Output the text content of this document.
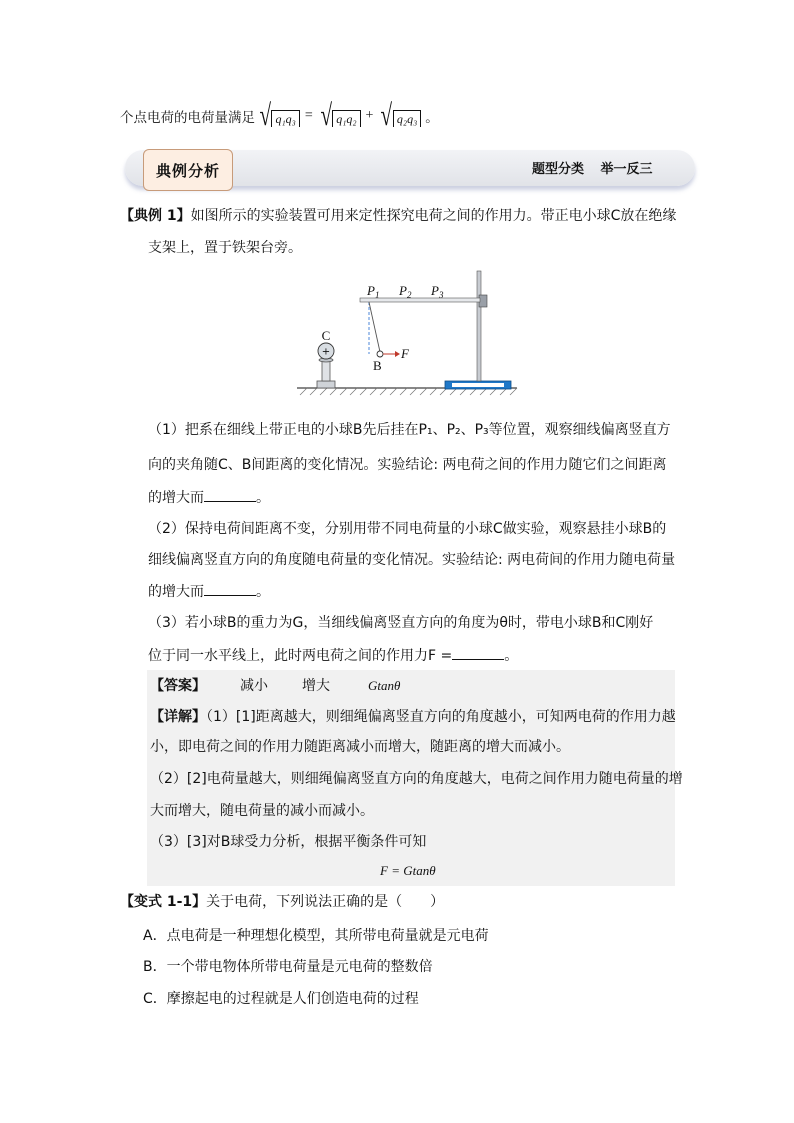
个点电荷的电荷量满足 √ q₁q₃ = √ q₁q₂ + √ q₂q₃ 。
典例分析	题型分类 举一反三
【典例 1】如图所示的实验装置可用来定性探究电荷之间的作用力。带正电小球C放在绝缘
支架上，置于铁架台旁。
+
C
$P_1$ $P_2$ $P_3$
F
B
（1）把系在细线上带正电的小球B先后挂在P₁、P₂、P₃等位置，观察细线偏离竖直方
向的夹角随C、B间距离的变化情况。实验结论: 两电荷之间的作用力随它们之间距离
的增大而	。
（2）保持电荷间距离不变，分别用带不同电荷量的小球C做实验，观察悬挂小球B的
细线偏离竖直方向的角度随电荷量的变化情况。实验结论: 两电荷间的作用力随电荷量
的增大而	。
（3）若小球B的重力为G，当细线偏离竖直方向的角度为θ时，带电小球B和C刚好
位于同一水平线上，此时两电荷之间的作用力F =	。
【答案】 减小 增大	Gtanθ
【详解】（1）[1]距离越大，则细绳偏离竖直方向的角度越小，可知两电荷的作用力越
小，即电荷之间的作用力随距离减小而增大，随距离的增大而减小。
（2）[2]电荷量越大，则细绳偏离竖直方向的角度越大，电荷之间作用力随电荷量的增
大而增大，随电荷量的减小而减小。
（3）[3]对B球受力分析，根据平衡条件可知
F = Gtanθ
【变式 1-1】关于电荷，下列说法正确的是（　　）
A．点电荷是一种理想化模型，其所带电荷量就是元电荷
B．一个带电物体所带电荷量是元电荷的整数倍
C．摩擦起电的过程就是人们创造电荷的过程
